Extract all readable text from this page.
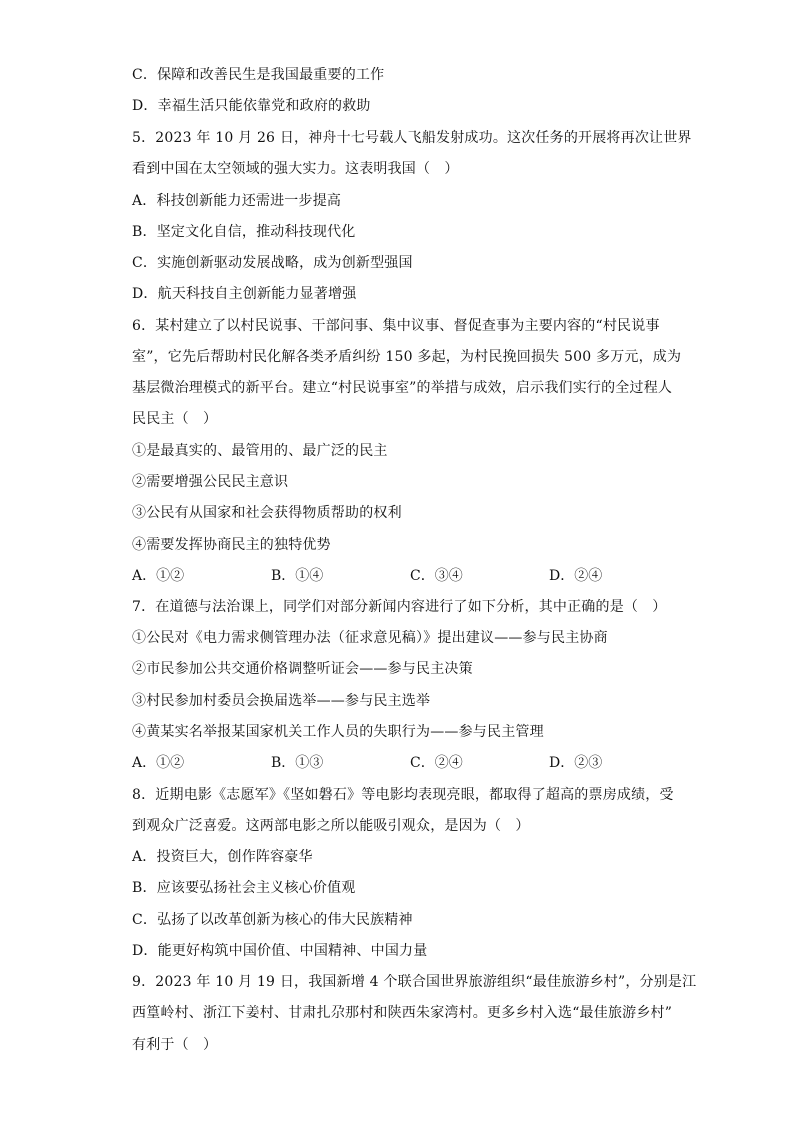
C．保障和改善民生是我国最重要的工作
D．幸福生活只能依靠党和政府的救助
5．2023 年 10 月 26 日，神舟十七号载人飞船发射成功。这次任务的开展将再次让世界
看到中国在太空领域的强大实力。这表明我国（　）
A．科技创新能力还需进一步提高
B．坚定文化自信，推动科技现代化
C．实施创新驱动发展战略，成为创新型强国
D．航天科技自主创新能力显著增强
6．某村建立了以村民说事、干部问事、集中议事、督促查事为主要内容的“村民说事
室”，它先后帮助村民化解各类矛盾纠纷 150 多起，为村民挽回损失 500 多万元，成为
基层微治理模式的新平台。建立“村民说事室”的举措与成效，启示我们实行的全过程人
民民主（　）
①是最真实的、最管用的、最广泛的民主
②需要增强公民民主意识
③公民有从国家和社会获得物质帮助的权利
④需要发挥协商民主的独特优势
A．①②	B．①④	C．③④	D．②④
7．在道德与法治课上，同学们对部分新闻内容进行了如下分析，其中正确的是（　）
①公民对《电力需求侧管理办法（征求意见稿）》提出建议——参与民主协商
②市民参加公共交通价格调整听证会——参与民主决策
③村民参加村委员会换届选举——参与民主选举
④黄某实名举报某国家机关工作人员的失职行为——参与民主管理
A．①②	B．①③	C．②④	D．②③
8．近期电影《志愿军》《坚如磐石》等电影均表现亮眼，都取得了超高的票房成绩，受
到观众广泛喜爱。这两部电影之所以能吸引观众，是因为（　）
A．投资巨大，创作阵容豪华
B．应该要弘扬社会主义核心价值观
C．弘扬了以改革创新为核心的伟大民族精神
D．能更好构筑中国价值、中国精神、中国力量
9．2023 年 10 月 19 日，我国新增 4 个联合国世界旅游组织“最佳旅游乡村”，分别是江
西篁岭村、浙江下姜村、甘肃扎尕那村和陕西朱家湾村。更多乡村入选“最佳旅游乡村”
有利于（　）
